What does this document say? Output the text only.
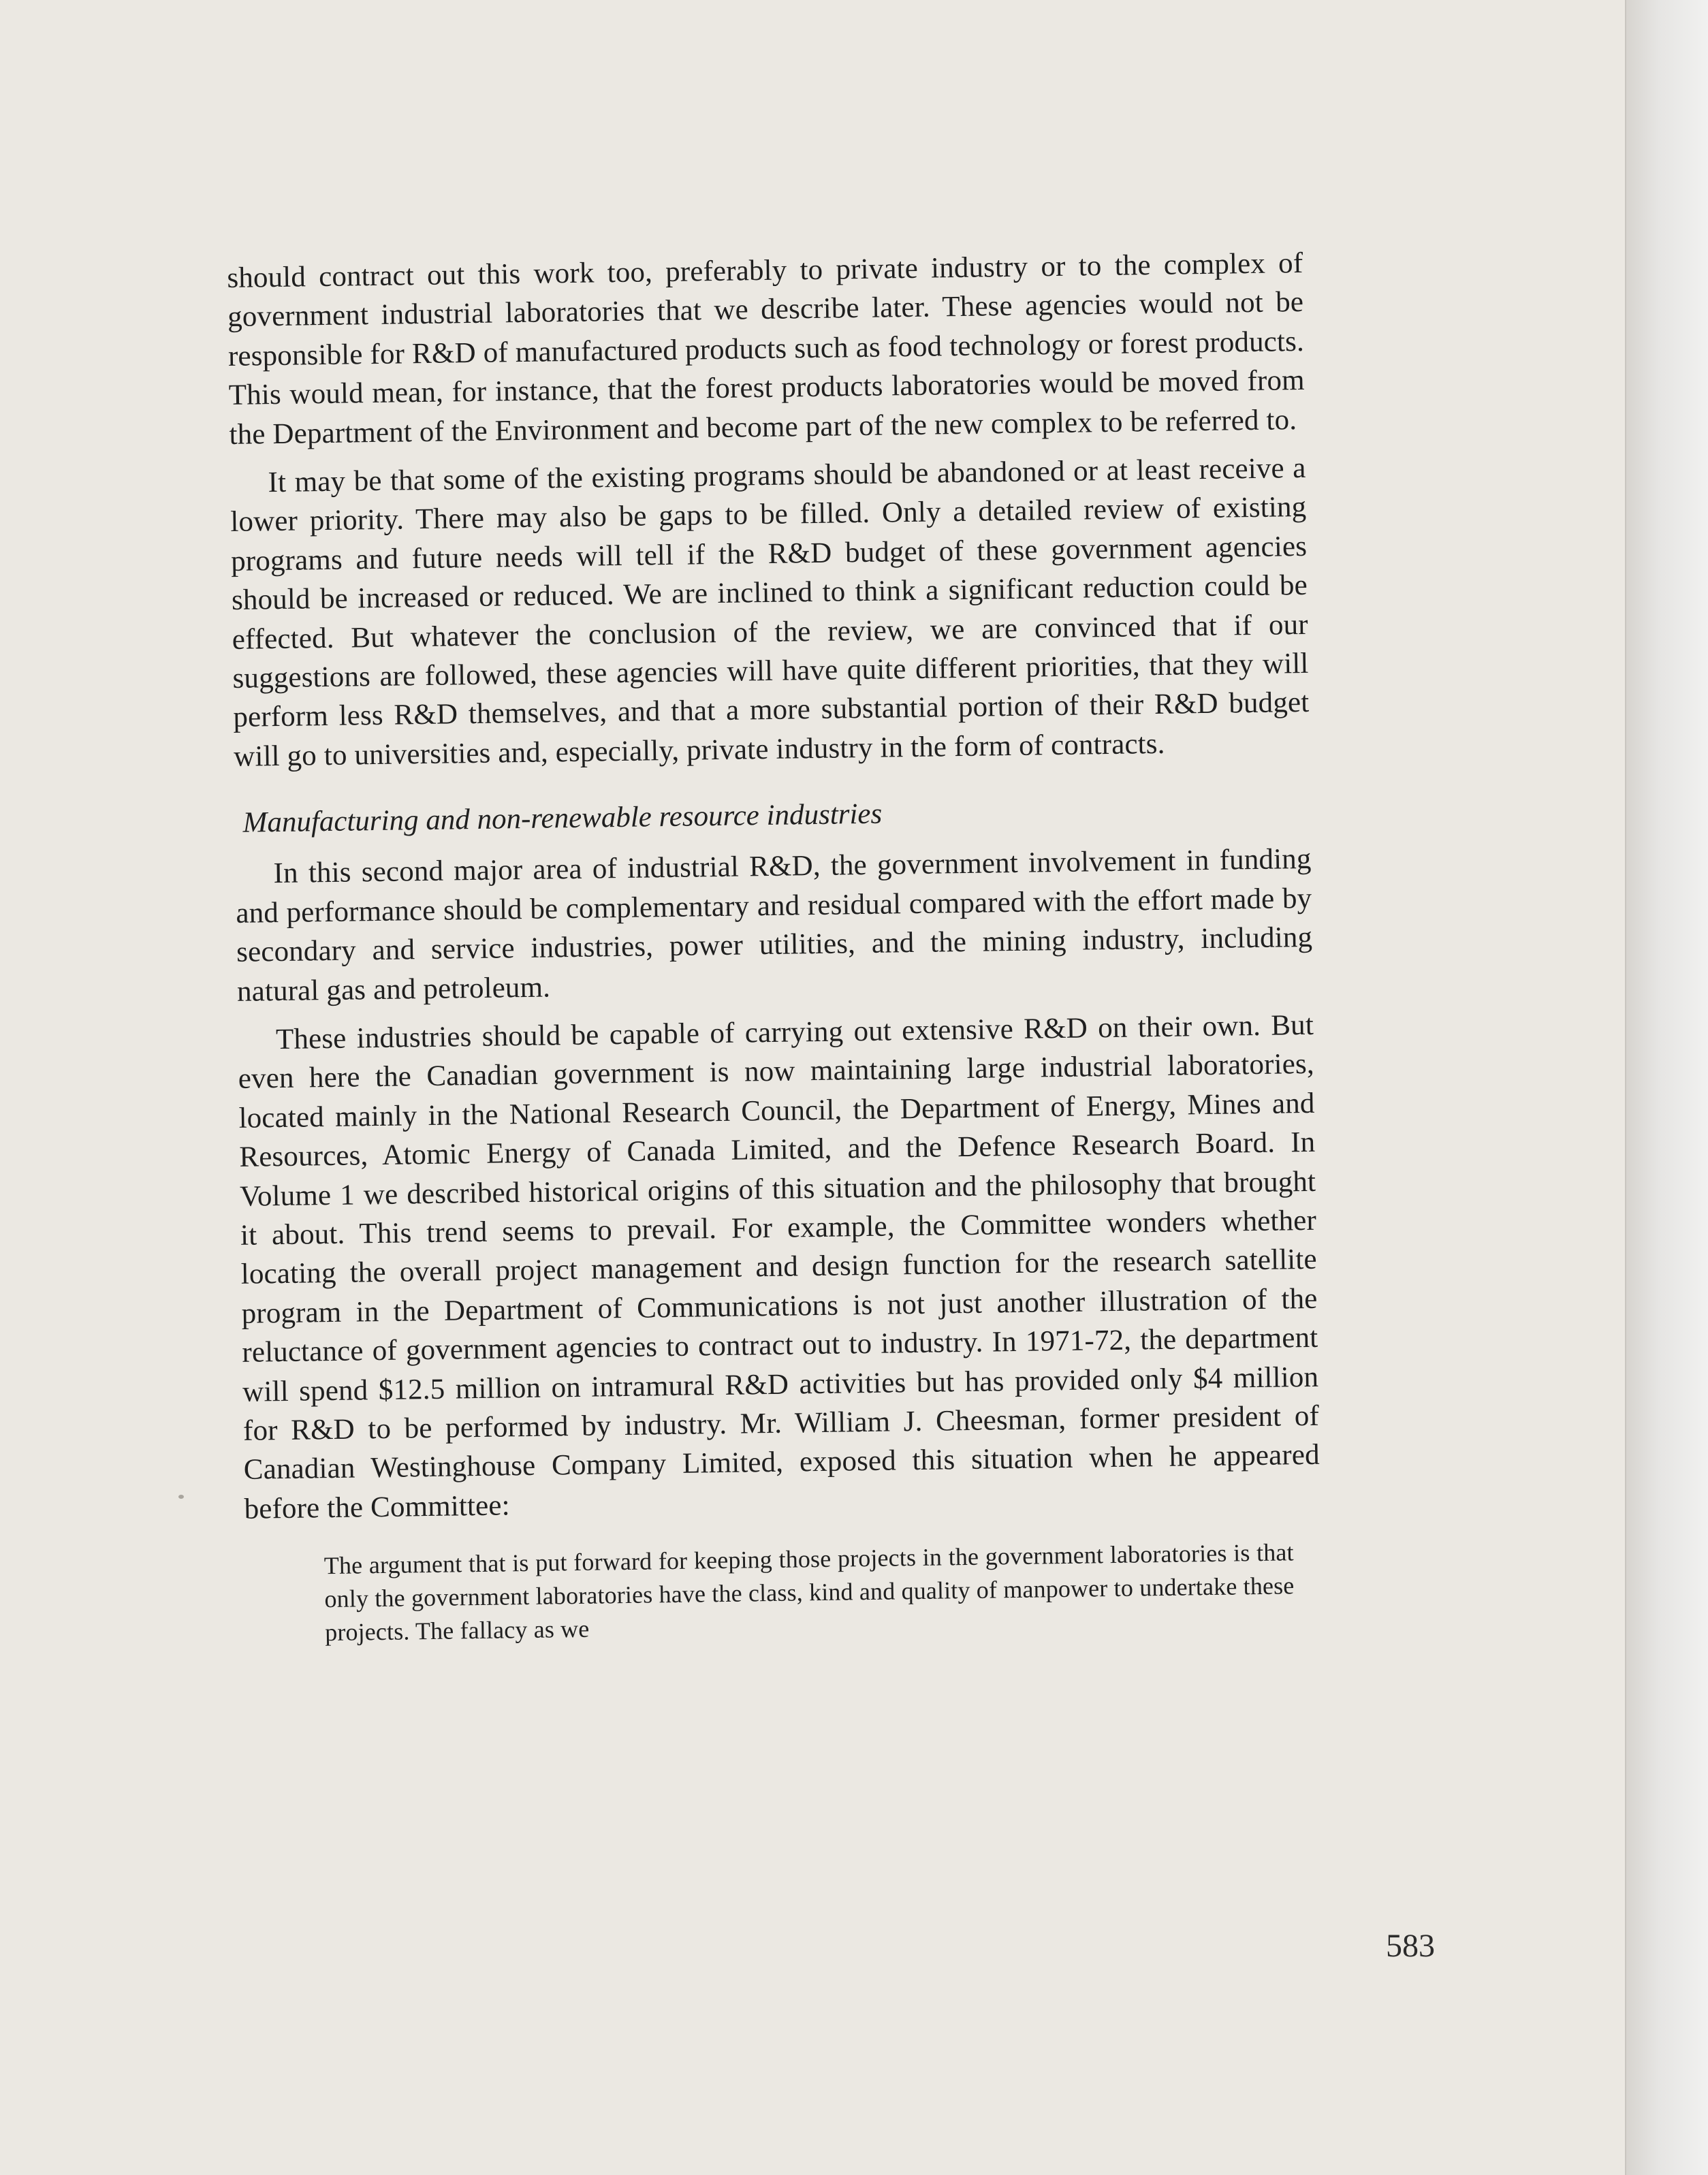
should contract out this work too, preferably to private industry or to the complex of government industrial laboratories that we describe later. These agencies would not be responsible for R&D of manufactured products such as food technology or forest products. This would mean, for instance, that the forest products laboratories would be moved from the Department of the Environment and become part of the new complex to be referred to.

It may be that some of the existing programs should be abandoned or at least receive a lower priority. There may also be gaps to be filled. Only a detailed review of existing programs and future needs will tell if the R&D budget of these government agencies should be increased or reduced. We are inclined to think a significant reduction could be effected. But whatever the conclusion of the review, we are convinced that if our suggestions are followed, these agencies will have quite different priorities, that they will perform less R&D themselves, and that a more substantial portion of their R&D budget will go to universities and, especially, private industry in the form of contracts.

Manufacturing and non-renewable resource industries

In this second major area of industrial R&D, the government involvement in funding and performance should be complementary and residual compared with the effort made by secondary and service industries, power utilities, and the mining industry, including natural gas and petroleum.

These industries should be capable of carrying out extensive R&D on their own. But even here the Canadian government is now maintaining large industrial laboratories, located mainly in the National Research Council, the Department of Energy, Mines and Resources, Atomic Energy of Canada Limited, and the Defence Research Board. In Volume 1 we described historical origins of this situation and the philosophy that brought it about. This trend seems to prevail. For example, the Committee wonders whether locating the overall project management and design function for the research satellite program in the Department of Communications is not just another illustration of the reluctance of government agencies to contract out to industry. In 1971-72, the department will spend $12.5 million on intramural R&D activities but has provided only $4 million for R&D to be performed by industry. Mr. William J. Cheesman, former president of Canadian Westinghouse Company Limited, exposed this situation when he appeared before the Committee:

The argument that is put forward for keeping those projects in the government laboratories is that only the government laboratories have the class, kind and quality of manpower to undertake these projects. The fallacy as we

583
